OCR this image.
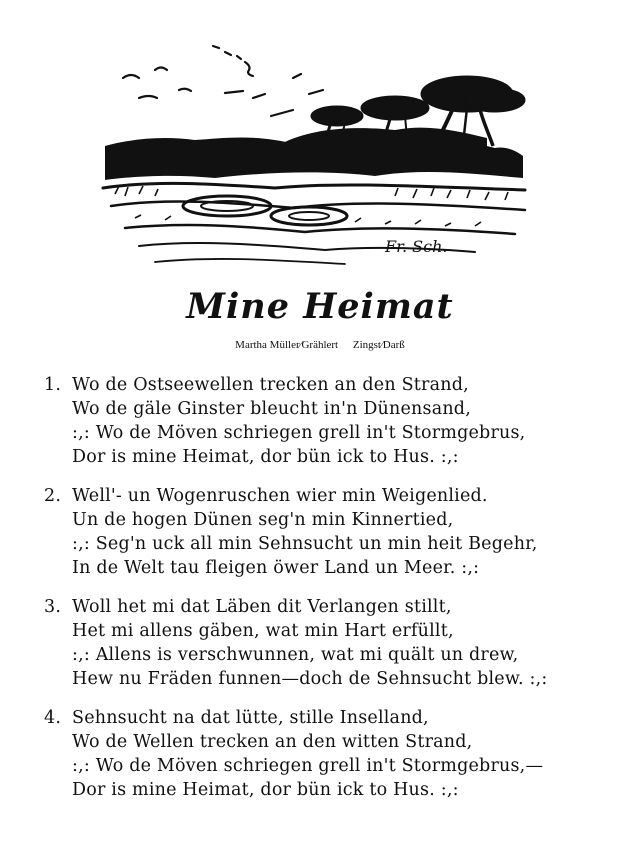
Fr. Sch.
Mine Heimat
Martha Müller⁄Grählert Zingst⁄Darß
1. Wo de Ostseewellen trecken an den Strand,
Wo de gäle Ginster bleucht in'n Dünensand,
:,: Wo de Möven schriegen grell in't Stormgebrus,
Dor is mine Heimat, dor bün ick to Hus. :,:
2. Well'- un Wogenruschen wier min Weigenlied.
Un de hogen Dünen seg'n min Kinnertied,
:,: Seg'n uck all min Sehnsucht un min heit Begehr,
In de Welt tau fleigen öwer Land un Meer. :,:
3. Woll het mi dat Läben dit Verlangen stillt,
Het mi allens gäben, wat min Hart erfüllt,
:,: Allens is verschwunnen, wat mi quält un drew,
Hew nu Fräden funnen—doch de Sehnsucht blew. :,:
4. Sehnsucht na dat lütte, stille Inselland,
Wo de Wellen trecken an den witten Strand,
:,: Wo de Möven schriegen grell in't Stormgebrus,—
Dor is mine Heimat, dor bün ick to Hus. :,:
